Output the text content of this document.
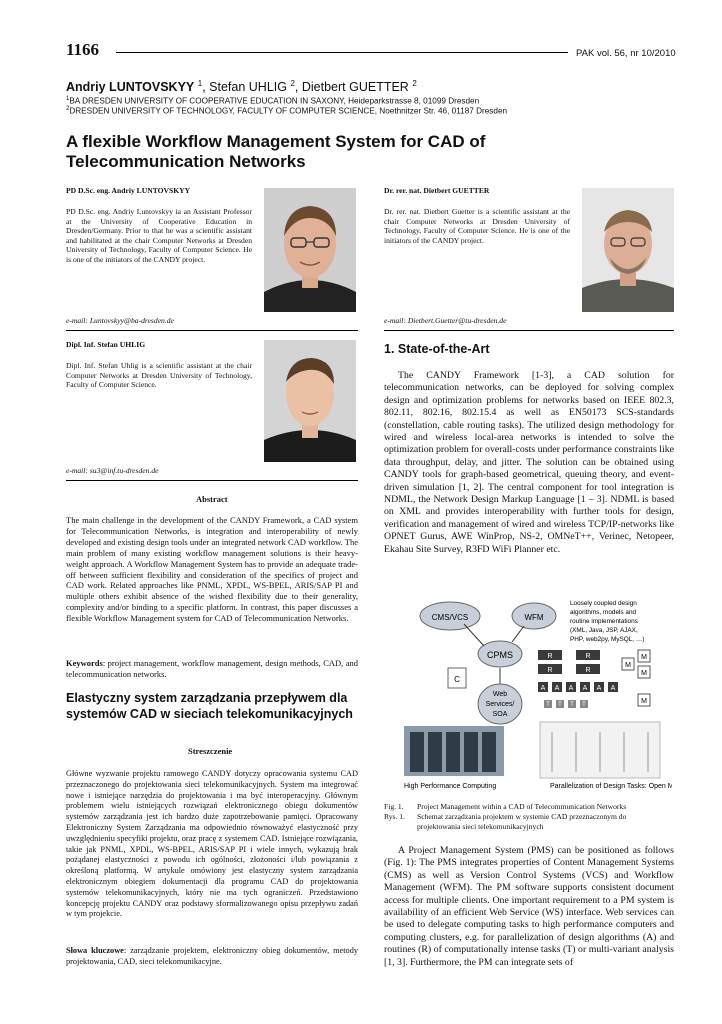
1166	PAK vol. 56, nr 10/2010
Andriy LUNTOVSKYY $^1$, Stefan UHLIG $^2$, Dietbert GUETTER $^2$
$^1$BA DRESDEN UNIVERSITY OF COOPERATIVE EDUCATION IN SAXONY, Heideparkstrasse 8, 01099 Dresden
$^2$DRESDEN UNIVERSITY OF TECHNOLOGY, FACULTY OF COMPUTER SCIENCE, Noethnitzer Str. 46, 01187 Dresden
A flexible Workflow Management System for CAD of Telecommunication Networks
PD D.Sc. eng. Andriy LUNTOVSKYY
PD D.Sc. eng. Andriy Luntovskyy ia an Assistant Professor at the University of Cooperative Education in Dresden/Germany. Prior to that he was a scientific assistant and habilitated at the chair Computer Networks at Dresden University of Technology, Faculty of Computer Science. He is one of the initiators of the CANDY project.
e-mail: Luntovskyy@ba-dresden.de
Dr. rer. nat. Dietbert GUETTER
Dr. rer. nat. Dietbert Guetter is a scientific assistant at the chair Computer Networks at Dresden University of Technology, Faculty of Computer Science. He is one of the initiators of the CANDY project.
e-mail: Dietbert.Guetter@tu-dresden.de
Dipl. Inf. Stefan UHLIG
Dipl. Inf. Stefan Uhlig is a scientific assistant at the chair Computer Networks at Dresden University of Technology, Faculty of Computer Science.
e-mail: su3@inf.tu-dresden.de
Abstract
The main challenge in the development of the CANDY Framework, a CAD system for Telecommunication Networks, is integration and interoperability of newly developed and existing design tools under an integrated network CAD workflow. The main problem of many existing workflow management solutions is their heavy-weight approach. A Workflow Management System has to provide an adequate trade-off between sufficient flexibility and consideration of the specifics of project and CAD work. Related approaches like PNML, XPDL, WS-BPEL, ARIS/SAP PI and multiple others exhibit absence of the wished flexibility due to their generality, complexity and/or binding to a specific platform. In contrast, this paper discusses a flexible Workflow Management system for CAD of Telecommunication Networks.
Keywords: project management, workflow management, design methods, CAD, and telecommunication networks.
Elastyczny system zarządzania przepływem dla systemów CAD w sieciach telekomunikacyjnych
Streszczenie
Główne wyzwanie projektu ramowego CANDY dotyczy opracowania systemu CAD przeznaczonego do projektowania sieci telekomunikacyjnych. System ma integrować nowe i istniejące narzędzia do projektowania i ma być interoperacyjny. Głównym problemem wielu istniejących rozwiązań elektronicznego obiegu dokumentów systemów zarządzania jest ich bardzo duże zapotrzebowanie pamięci. Opracowany Elektroniczny System Zarządzania ma odpowiednio równoważyć elastyczność przy uwzględnieniu specyfiki projektu, oraz pracę z systemem CAD. Istniejące rozwiązania, takie jak PNML, XPDL, WS-BPEL, ARIS/SAP PI i wiele innych, wykazują brak pożądanej elastyczności z powodu ich ogólności, złożoności i/lub powiązania z określoną platformą. W artykule omówiony jest elastyczny system zarządzania elektronicznym obiegiem dokumentacji dla programu CAD do projektowania systemów telekomunikacyjnych, który nie ma tych ograniczeń. Przedstawiono koncepcję projektu CANDY oraz podstawy sformalizowanego opisu przepływu zadań w tym projekcie.
Słowa kluczowe: zarządzanie projektem, elektroniczny obieg dokumentów, metody projektowania, CAD, sieci telekomunikacyjne.
1. State-of-the-Art
The CANDY Framework [1-3], a CAD solution for telecommunication networks, can be deployed for solving complex design and optimization problems for networks based on IEEE 802.3, 802.11, 802.16, 802.15.4 as well as EN50173 SCS-standards (constellation, cable routing tasks). The utilized design methodology for wired and wireless local-area networks is intended to solve the optimization problem for overall-costs under performance constraints like data throughput, delay, and jitter. The solution can be obtained using CANDY tools for graph-based geometrical, queuing theory, and event-driven simulation [1, 2]. The central component for tool integration is NDML, the Network Design Markup Language [1 – 3]. NDML is based on XML and provides interoperability with further tools for design, verification and management of wired and wireless TCP/IP-networks like OPNET Gurus, AWE WinProp, NS-2, OMNeT++, Verinec, Netopeer, Ekahau Site Survey, R3FD WiFi Planner etc.
CMS/VCS	WFM
Loosely coupled design
algorithms, models and
routine implementations
(XML, Java, JSP, AJAX,
PHP, web2py, MySQL, …)
CPMS
C
Web
Services/
SOA
R	R
R	R
A A A A A A
M
M
M
M
T T T T
High Performance Computing	Parallelization of Design Tasks: Open MPI
Fig. 1. Project Management within a CAD of Telecommunication Networks
Rys. 1. Schemat zarządzania projektem w systemie CAD przeznaczonym do projektowania sieci telekomunikacyjnych
A Project Management System (PMS) can be positioned as follows (Fig. 1): The PMS integrates properties of Content Management Systems (CMS) as well as Version Control Systems (VCS) and Workflow Management (WFM). The PM software supports consistent document access for multiple clients. One important requirement to a PM system is availability of an efficient Web Service (WS) interface. Web services can be used to delegate computing tasks to high performance computers and computing clusters, e.g. for parallelization of design algorithms (A) and routines (R) of computationally intense tasks (T) or multi-variant analysis [1, 3]. Furthermore, the PM can integrate sets of
